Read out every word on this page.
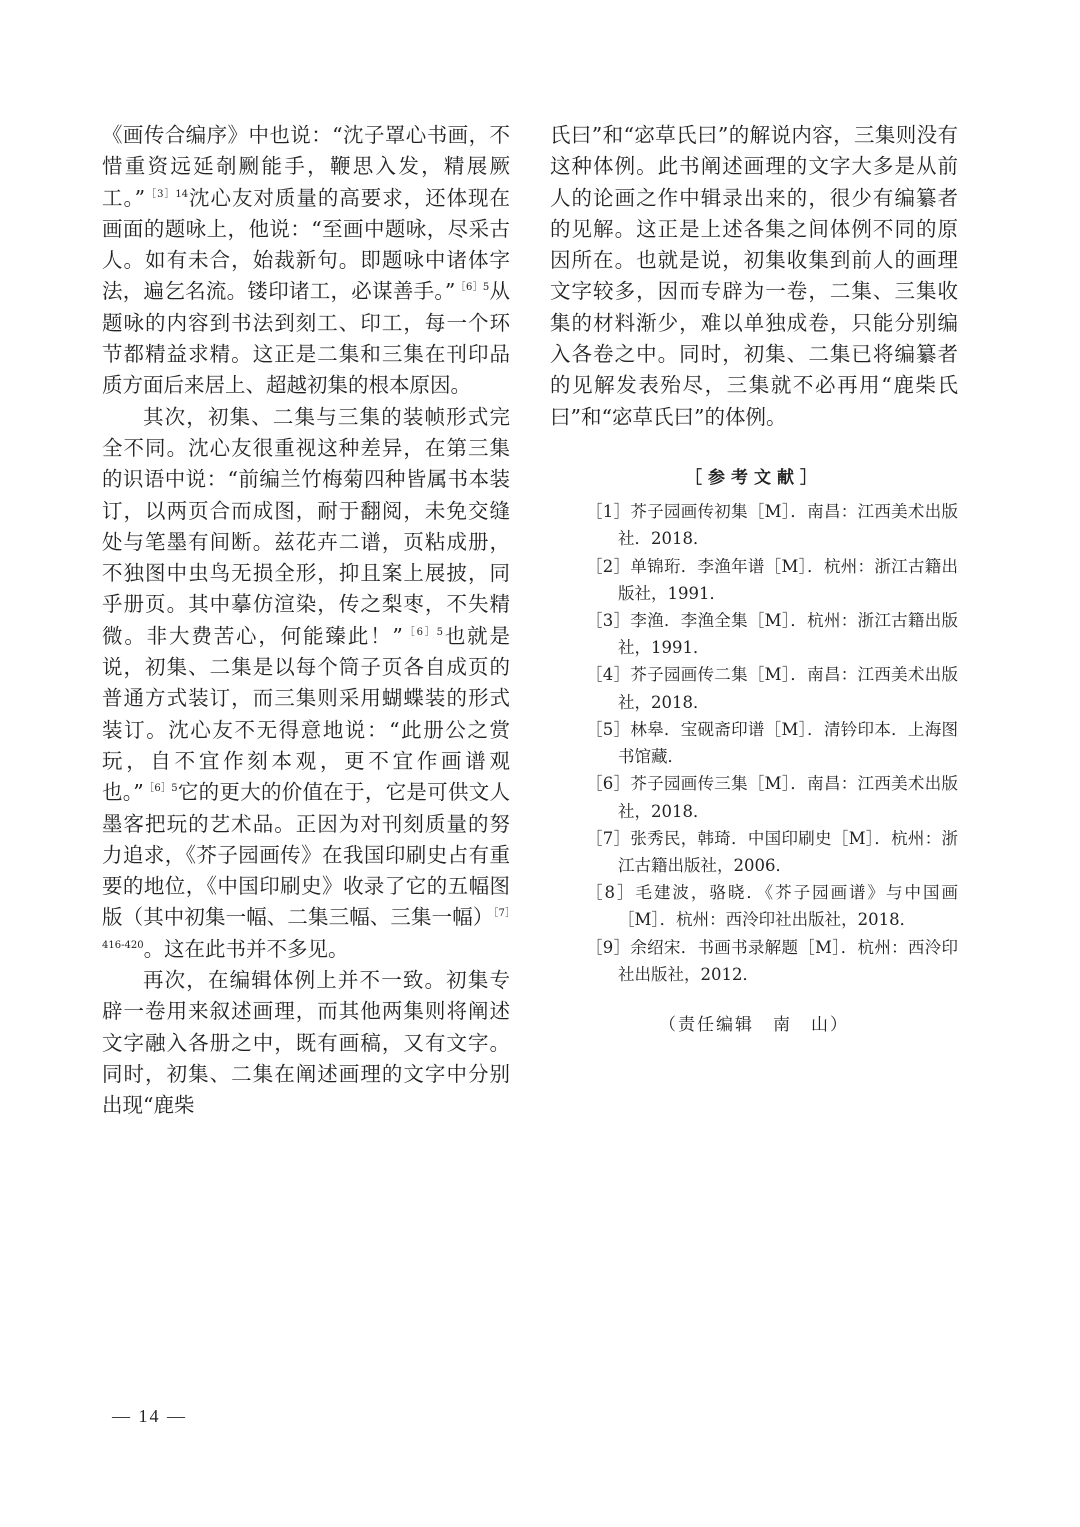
《画传合编序》中也说：“沈子罩心书画，不惜重资远延剞劂能手，鞭思入发，精展厥工。”$^{[3]14}$沈心友对质量的高要求，还体现在画面的题咏上，他说：“至画中题咏，尽采古人。如有未合，始裁新句。即题咏中诸体字法，遍乞名流。镂印诸工，必谋善手。”$^{[6]5}$从题咏的内容到书法到刻工、印工，每一个环节都精益求精。这正是二集和三集在刊印品质方面后来居上、超越初集的根本原因。

其次，初集、二集与三集的装帧形式完全不同。沈心友很重视这种差异，在第三集的识语中说：“前编兰竹梅菊四种皆属书本装订，以两页合而成图，耐于翻阅，未免交缝处与笔墨有间断。兹花卉二谱，页粘成册，不独图中虫鸟无损全形，抑且案上展披，同乎册页。其中摹仿渲染，传之梨枣，不失精微。非大费苦心，何能臻此！”$^{[6]5}$也就是说，初集、二集是以每个筒子页各自成页的普通方式装订，而三集则采用蝴蝶装的形式装订。沈心友不无得意地说：“此册公之赏玩，自不宜作刻本观，更不宜作画谱观也。”$^{[6]5}$它的更大的价值在于，它是可供文人墨客把玩的艺术品。正因为对刊刻质量的努力追求，《芥子园画传》在我国印刷史占有重要的地位，《中国印刷史》收录了它的五幅图版（其中初集一幅、二集三幅、三集一幅）$^{[7]416-420}$。这在此书并不多见。

再次，在编辑体例上并不一致。初集专辟一卷用来叙述画理，而其他两集则将阐述文字融入各册之中，既有画稿，又有文字。同时，初集、二集在阐述画理的文字中分别出现“鹿柴

氏曰”和“宓草氏曰”的解说内容，三集则没有这种体例。此书阐述画理的文字大多是从前人的论画之作中辑录出来的，很少有编纂者的见解。这正是上述各集之间体例不同的原因所在。也就是说，初集收集到前人的画理文字较多，因而专辟为一卷，二集、三集收集的材料渐少，难以单独成卷，只能分别编入各卷之中。同时，初集、二集已将编纂者的见解发表殆尽，三集就不必再用“鹿柴氏曰”和“宓草氏曰”的体例。

［参考文献］
［1］芥子园画传初集［M］．南昌：江西美术出版社．2018．
［2］单锦珩．李渔年谱［M］．杭州：浙江古籍出版社，1991．
［3］李渔．李渔全集［M］．杭州：浙江古籍出版社，1991．
［4］芥子园画传二集［M］．南昌：江西美术出版社，2018．
［5］林皋．宝砚斋印谱［M］．清钤印本．上海图书馆藏．
［6］芥子园画传三集［M］．南昌：江西美术出版社，2018．
［7］张秀民，韩琦．中国印刷史［M］．杭州：浙江古籍出版社，2006．
［8］毛建波，骆晓．《芥子园画谱》与中国画［M］．杭州：西泠印社出版社，2018．
［9］余绍宋．书画书录解题［M］．杭州：西泠印社出版社，2012．
（责任编辑　南　山）
— 14 —
